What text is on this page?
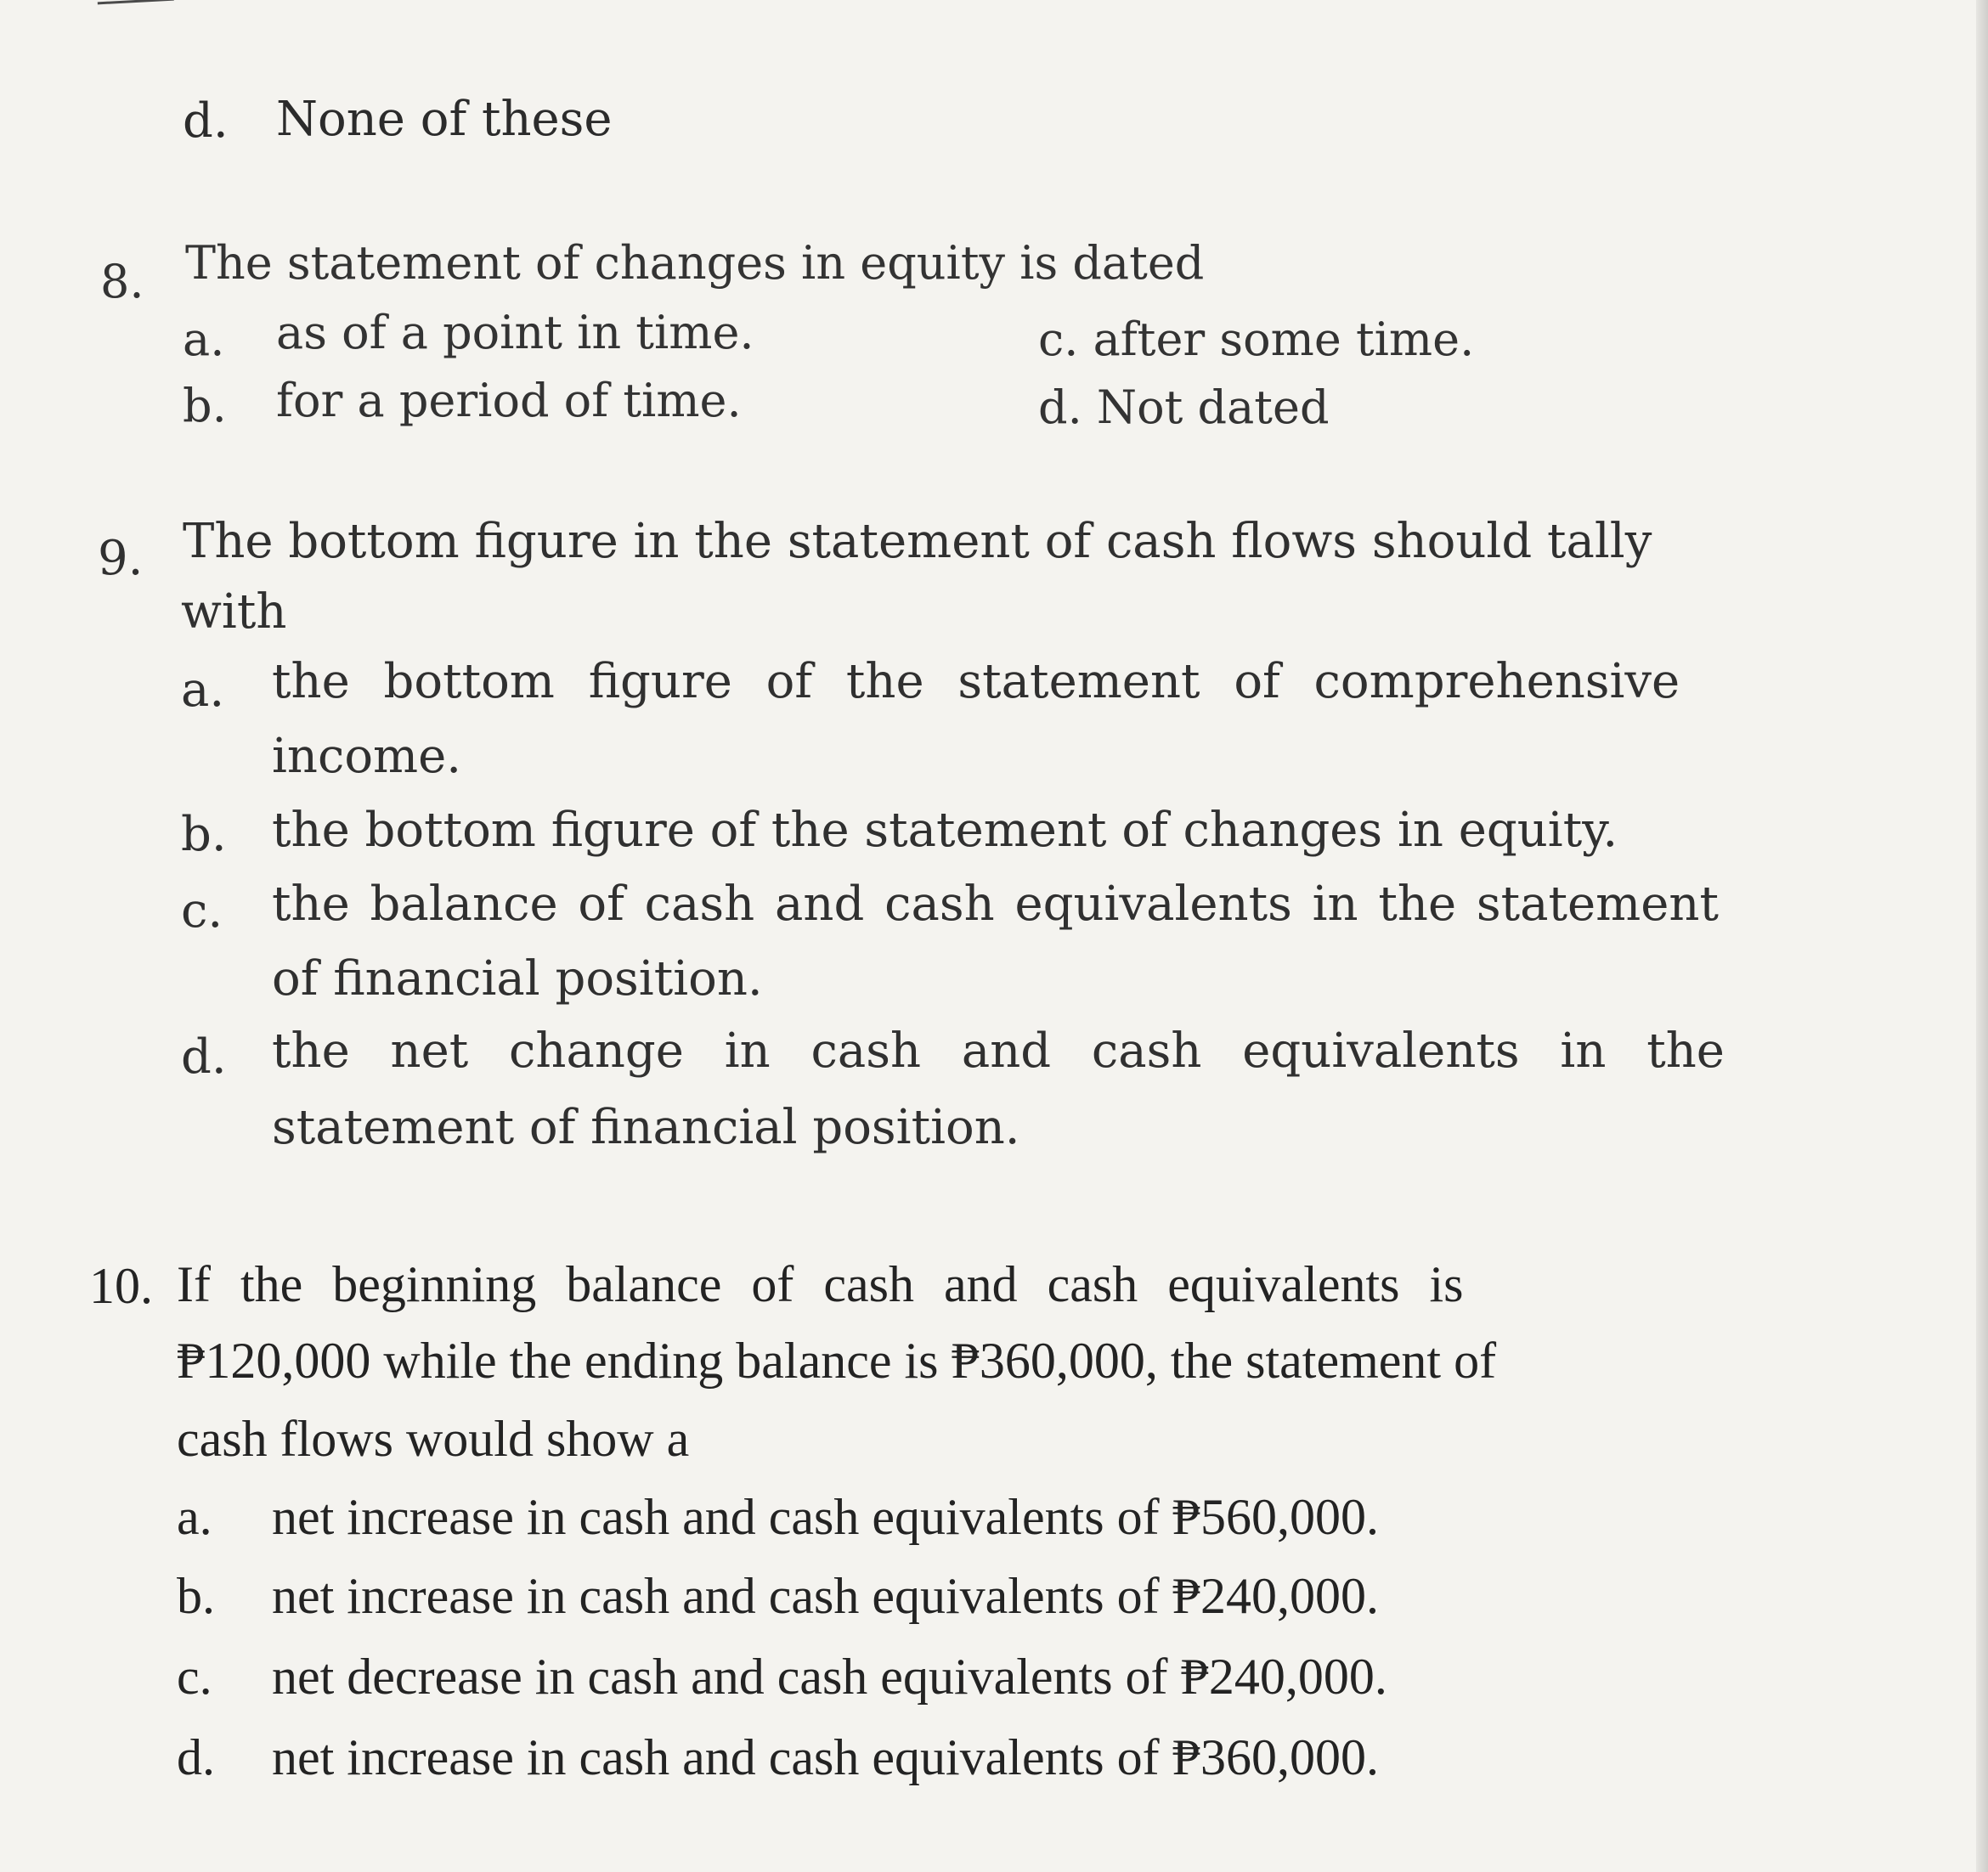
d. None of these
8. The statement of changes in equity is dated
a. as of a point in time.	c. after some time.
b. for a period of time.	d. Not dated
9. The bottom figure in the statement of cash flows should tally
with
a. the bottom figure of the statement of comprehensive
income.
b. the bottom figure of the statement of changes in equity.
c. the balance of cash and cash equivalents in the statement
of financial position.
d. the net change in cash and cash equivalents in the
statement of financial position.
10. If the beginning balance of cash and cash equivalents is
₱120,000 while the ending balance is ₱360,000, the statement of
cash flows would show a
a. net increase in cash and cash equivalents of ₱560,000.
b. net increase in cash and cash equivalents of ₱240,000.
c. net decrease in cash and cash equivalents of ₱240,000.
d. net increase in cash and cash equivalents of ₱360,000.
